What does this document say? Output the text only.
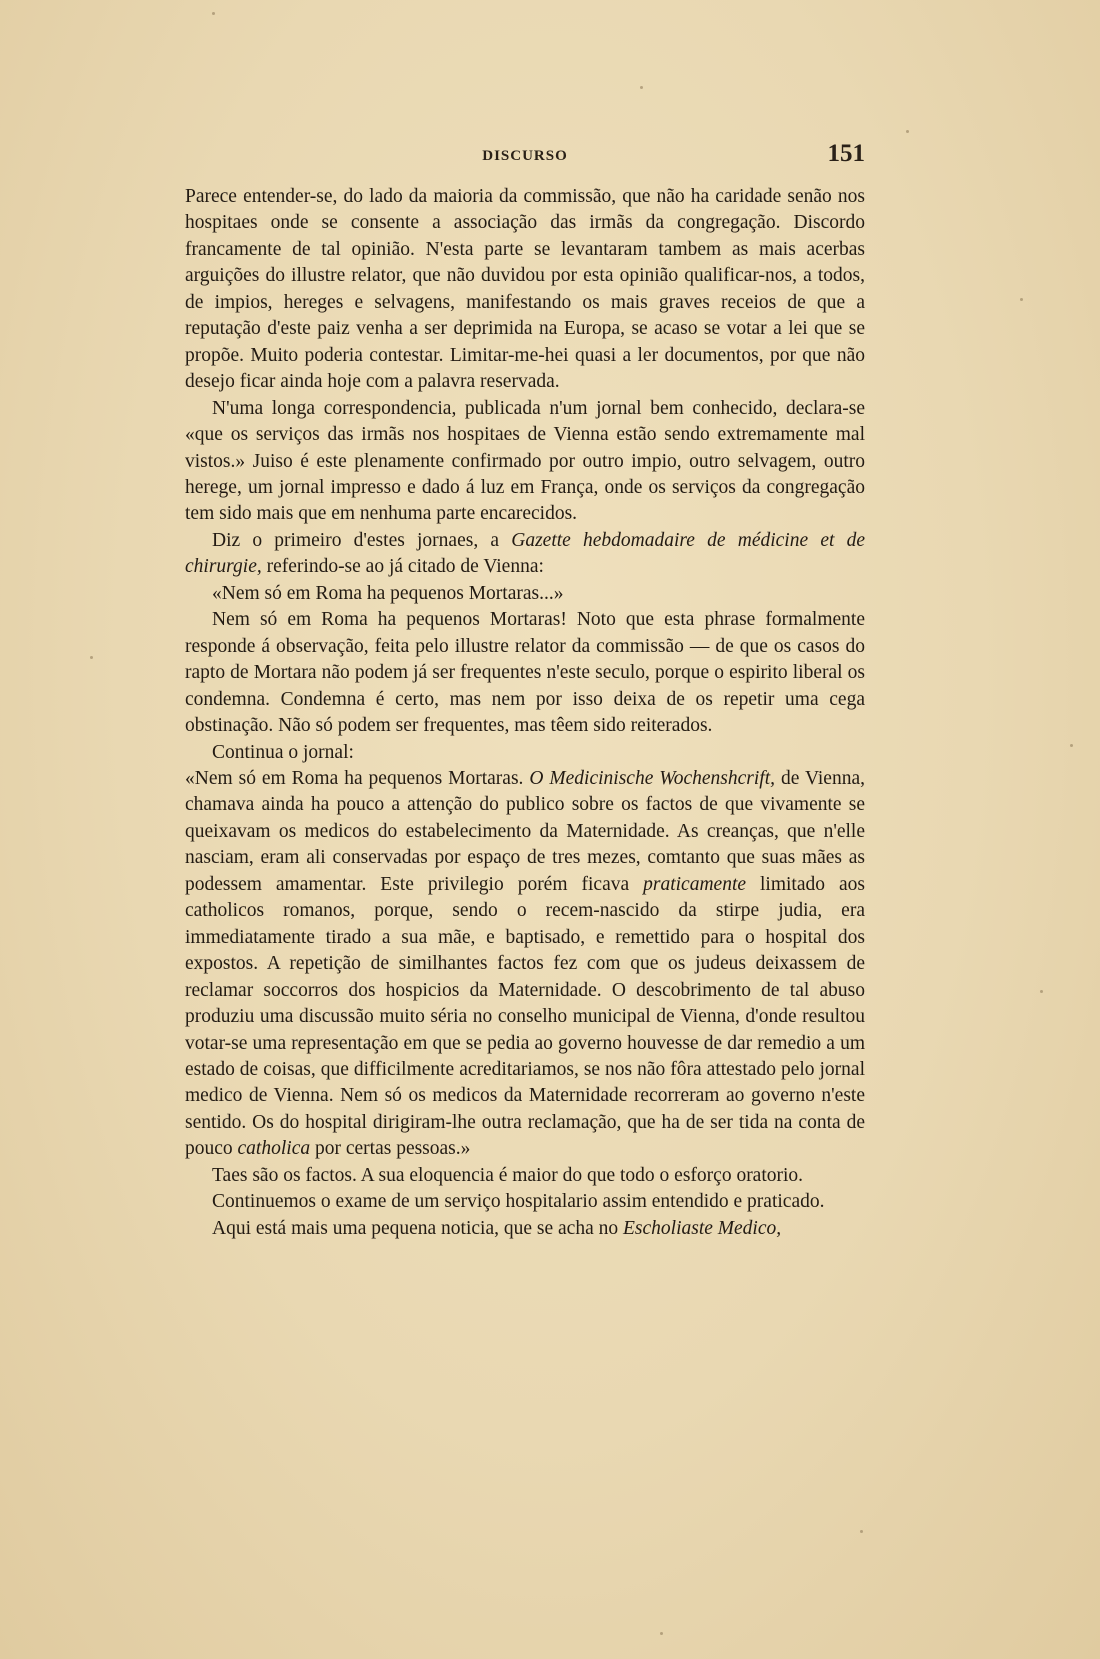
DISCURSO	151

Parece entender-se, do lado da maioria da commissão, que não ha caridade senão nos hospitaes onde se consente a associação das irmãs da congregação. Discordo francamente de tal opinião. N'esta parte se levantaram tambem as mais acerbas arguições do illustre relator, que não duvidou por esta opinião qualificar-nos, a todos, de impios, hereges e selvagens, manifestando os mais graves receios de que a reputação d'este paiz venha a ser deprimida na Europa, se acaso se votar a lei que se propõe. Muito poderia contestar. Limitar-me-hei quasi a ler documentos, por que não desejo ficar ainda hoje com a palavra reservada.

N'uma longa correspondencia, publicada n'um jornal bem conhecido, declara-se «que os serviços das irmãs nos hospitaes de Vienna estão sendo extremamente mal vistos.» Juiso é este plenamente confirmado por outro impio, outro selvagem, outro herege, um jornal impresso e dado á luz em França, onde os serviços da congregação tem sido mais que em nenhuma parte encarecidos.

Diz o primeiro d'estes jornaes, a Gazette hebdomadaire de médicine et de chirurgie, referindo-se ao já citado de Vienna:

«Nem só em Roma ha pequenos Mortaras...»

Nem só em Roma ha pequenos Mortaras! Noto que esta phrase formalmente responde á observação, feita pelo illustre relator da commissão — de que os casos do rapto de Mortara não podem já ser frequentes n'este seculo, porque o espirito liberal os condemna. Condemna é certo, mas nem por isso deixa de os repetir uma cega obstinação. Não só podem ser frequentes, mas têem sido reiterados.

Continua o jornal:

«Nem só em Roma ha pequenos Mortaras. O Medicinische Wochenshcrift, de Vienna, chamava ainda ha pouco a attenção do publico sobre os factos de que vivamente se queixavam os medicos do estabelecimento da Maternidade. As creanças, que n'elle nasciam, eram ali conservadas por espaço de tres mezes, comtanto que suas mães as podessem amamentar. Este privilegio porém ficava praticamente limitado aos catholicos romanos, porque, sendo o recem-nascido da stirpe judia, era immediatamente tirado a sua mãe, e baptisado, e remettido para o hospital dos expostos. A repetição de similhantes factos fez com que os judeus deixassem de reclamar soccorros dos hospicios da Maternidade. O descobrimento de tal abuso produziu uma discussão muito séria no conselho municipal de Vienna, d'onde resultou votar-se uma representação em que se pedia ao governo houvesse de dar remedio a um estado de coisas, que difficilmente acreditariamos, se nos não fôra attestado pelo jornal medico de Vienna. Nem só os medicos da Maternidade recorreram ao governo n'este sentido. Os do hospital dirigiram-lhe outra reclamação, que ha de ser tida na conta de pouco catholica por certas pessoas.»

Taes são os factos. A sua eloquencia é maior do que todo o esforço oratorio.

Continuemos o exame de um serviço hospitalario assim entendido e praticado.

Aqui está mais uma pequena noticia, que se acha no Escholiaste Medico,
